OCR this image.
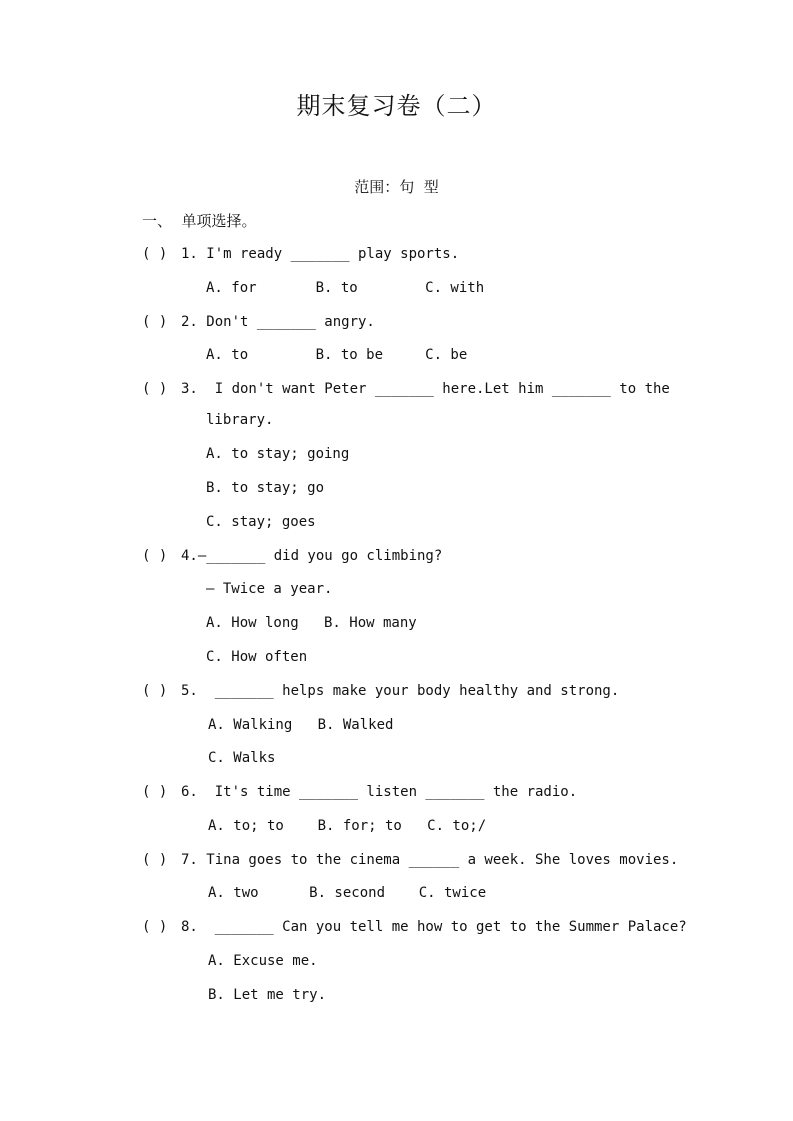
期末复习卷（二）
范围：句  型
一、  单项选择。
( ) 1. I'm ready _______ play sports.
A. for       B. to        C. with
( ) 2. Don't _______ angry.
A. to        B. to be     C. be
( ) 3.  I don't want Peter _______ here.Let him _______ to the
library.
A. to stay; going
B. to stay; go
C. stay; goes
( ) 4.—_______ did you go climbing?
— Twice a year.
A. How long   B. How many
C. How often
( ) 5.  _______ helps make your body healthy and strong.
A. Walking   B. Walked
C. Walks
( ) 6.  It's time _______ listen _______ the radio.
A. to; to    B. for; to   C. to;/
( ) 7. Tina goes to the cinema ______ a week. She loves movies.
A. two      B. second    C. twice
( ) 8.  _______ Can you tell me how to get to the Summer Palace?
A. Excuse me.
B. Let me try.
